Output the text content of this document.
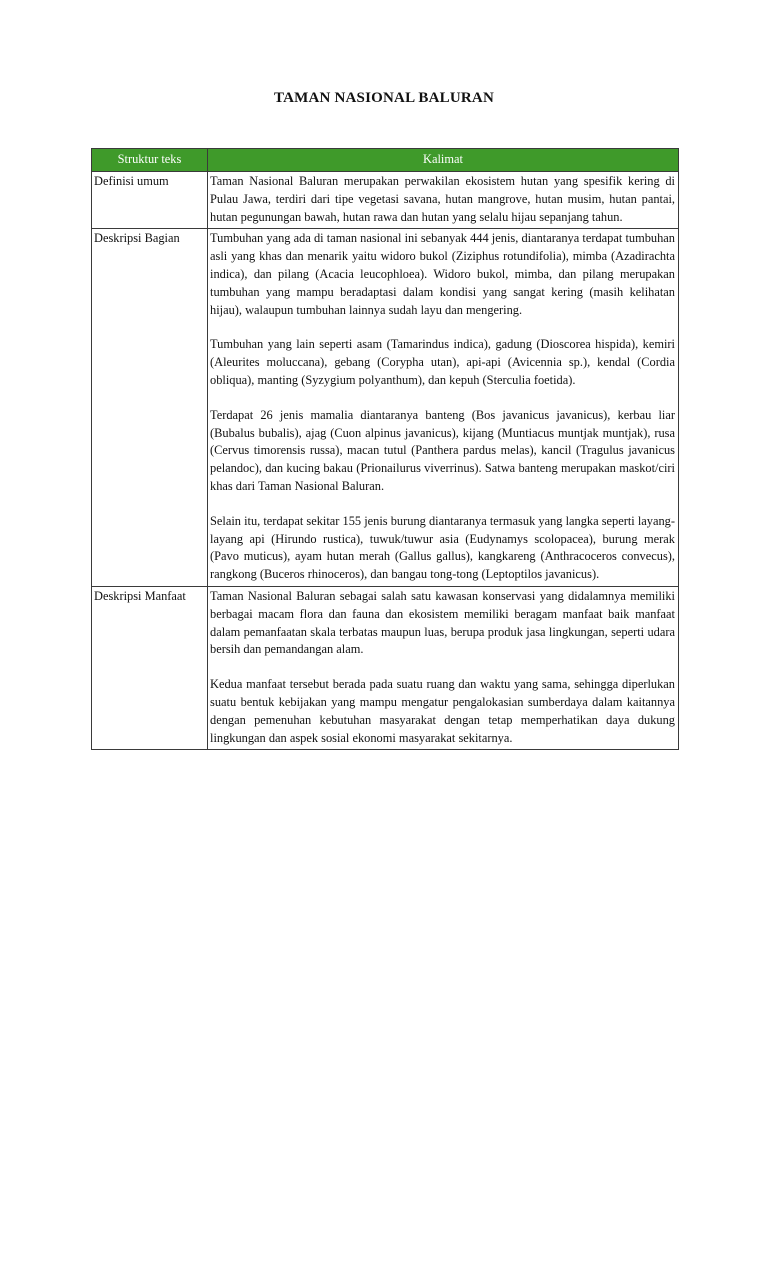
TAMAN NASIONAL BALURAN
Struktur teks	Kalimat
Definisi umum	Taman Nasional Baluran merupakan perwakilan ekosistem hutan yang spesifik kering di Pulau Jawa, terdiri dari tipe vegetasi savana, hutan mangrove, hutan musim, hutan pantai, hutan pegunungan bawah, hutan rawa dan hutan yang selalu hijau sepanjang tahun.

Deskripsi Bagian	Tumbuhan yang ada di taman nasional ini sebanyak 444 jenis, diantaranya terdapat tumbuhan asli yang khas dan menarik yaitu widoro bukol (Ziziphus rotundifolia), mimba (Azadirachta indica), dan pilang (Acacia leucophloea). Widoro bukol, mimba, dan pilang merupakan tumbuhan yang mampu beradaptasi dalam kondisi yang sangat kering (masih kelihatan hijau), walaupun tumbuhan lainnya sudah layu dan mengering.

Tumbuhan yang lain seperti asam (Tamarindus indica), gadung (Dioscorea hispida), kemiri (Aleurites moluccana), gebang (Corypha utan), api-api (Avicennia sp.), kendal (Cordia obliqua), manting (Syzygium polyanthum), dan kepuh (Sterculia foetida).

Terdapat 26 jenis mamalia diantaranya banteng (Bos javanicus javanicus), kerbau liar (Bubalus bubalis), ajag (Cuon alpinus javanicus), kijang (Muntiacus muntjak muntjak), rusa (Cervus timorensis russa), macan tutul (Panthera pardus melas), kancil (Tragulus javanicus pelandoc), dan kucing bakau (Prionailurus viverrinus). Satwa banteng merupakan maskot/ciri khas dari Taman Nasional Baluran.

Selain itu, terdapat sekitar 155 jenis burung diantaranya termasuk yang langka seperti layang-layang api (Hirundo rustica), tuwuk/tuwur asia (Eudynamys scolopacea), burung merak (Pavo muticus), ayam hutan merah (Gallus gallus), kangkareng (Anthracoceros convecus), rangkong (Buceros rhinoceros), dan bangau tong-tong (Leptoptilos javanicus).

Deskripsi Manfaat	Taman Nasional Baluran sebagai salah satu kawasan konservasi yang didalamnya memiliki berbagai macam flora dan fauna dan ekosistem memiliki beragam manfaat baik manfaat dalam pemanfaatan skala terbatas maupun luas, berupa produk jasa lingkungan, seperti udara bersih dan pemandangan alam.

Kedua manfaat tersebut berada pada suatu ruang dan waktu yang sama, sehingga diperlukan suatu bentuk kebijakan yang mampu mengatur pengalokasian sumberdaya dalam kaitannya dengan pemenuhan kebutuhan masyarakat dengan tetap memperhatikan daya dukung lingkungan dan aspek sosial ekonomi masyarakat sekitarnya.
